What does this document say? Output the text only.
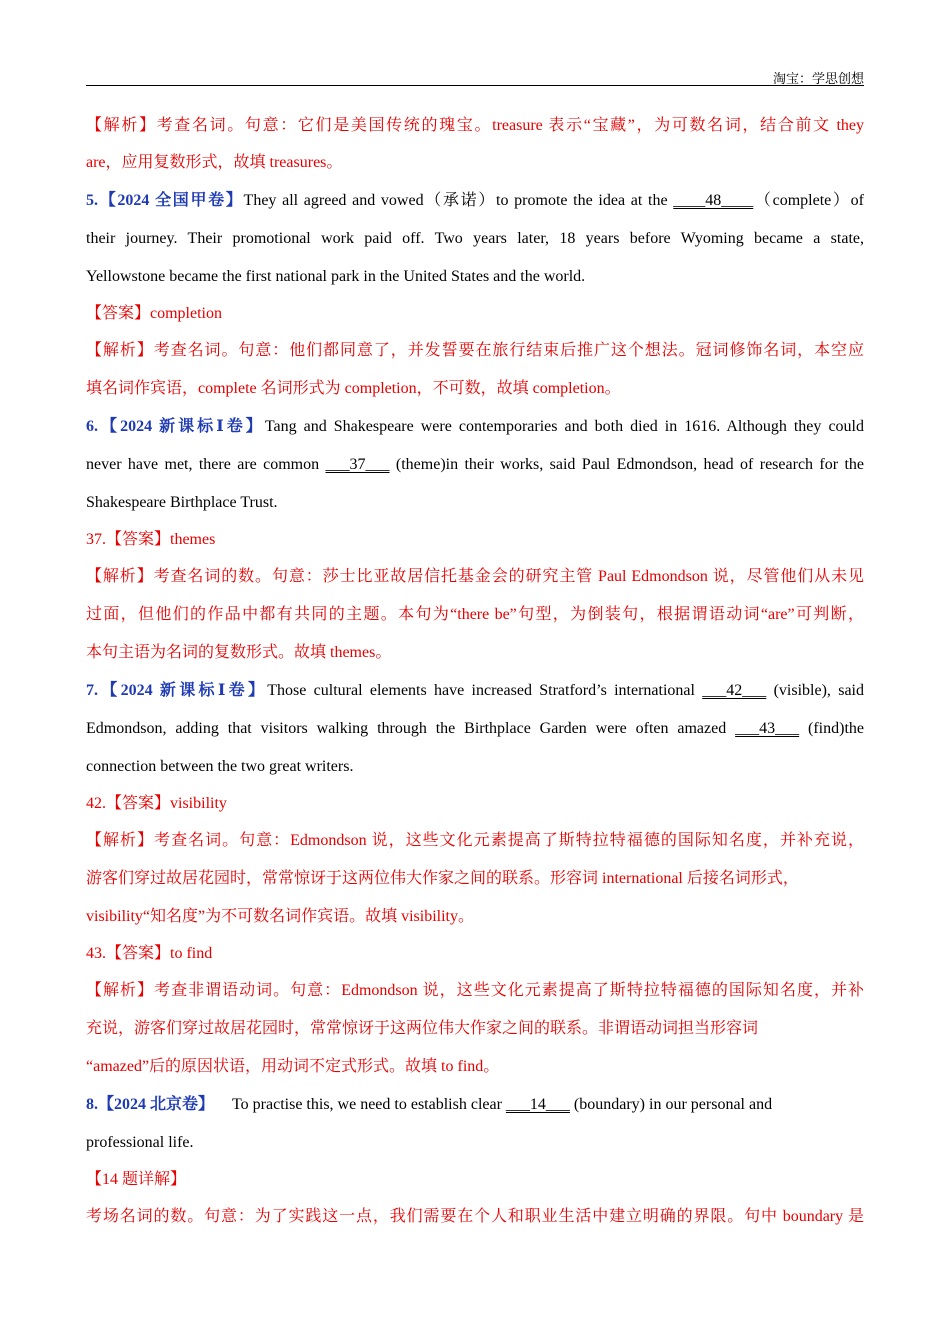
淘宝：学思创想
【解析】考查名词。句意：它们是美国传统的瑰宝。treasure 表示“宝藏”，为可数名词，结合前文 they
are，应用复数形式，故填 treasures。
5.【2024 全国甲卷】They all agreed and vowed（承诺）to promote the idea at the ____48____（complete）of
their journey. Their promotional work paid off. Two years later, 18 years before Wyoming became a state,
Yellowstone became the first national park in the United States and the world.
【答案】completion
【解析】考查名词。句意：他们都同意了，并发誓要在旅行结束后推广这个想法。冠词修饰名词，本空应
填名词作宾语，complete 名词形式为 completion，不可数，故填 completion。
6.【2024 新课标Ⅰ卷】Tang and Shakespeare were contemporaries and both died in 1616. Although they could
never have met, there are common ___37___ (theme)in their works, said Paul Edmondson, head of research for the
Shakespeare Birthplace Trust.
37.【答案】themes
【解析】考查名词的数。句意：莎士比亚故居信托基金会的研究主管 Paul Edmondson 说，尽管他们从未见
过面，但他们的作品中都有共同的主题。本句为“there be”句型，为倒装句，根据谓语动词“are”可判断，
本句主语为名词的复数形式。故填 themes。
7.【2024 新课标Ⅰ卷】Those cultural elements have increased Stratford’s international ___42___ (visible), said
Edmondson, adding that visitors walking through the Birthplace Garden were often amazed ___43___ (find)the
connection between the two great writers.
42.【答案】visibility
【解析】考查名词。句意：Edmondson 说，这些文化元素提高了斯特拉特福德的国际知名度，并补充说，
游客们穿过故居花园时，常常惊讶于这两位伟大作家之间的联系。形容词 international 后接名词形式，
visibility“知名度”为不可数名词作宾语。故填 visibility。
43.【答案】to find
【解析】考查非谓语动词。句意：Edmondson 说，这些文化元素提高了斯特拉特福德的国际知名度，并补
充说，游客们穿过故居花园时，常常惊讶于这两位伟大作家之间的联系。非谓语动词担当形容词
“amazed”后的原因状语，用动词不定式形式。故填 to find。
8.【2024 北京卷】 To practise this, we need to establish clear ___14___ (boundary) in our personal and
professional life.
【14 题详解】
考场名词的数。句意：为了实践这一点，我们需要在个人和职业生活中建立明确的界限。句中 boundary 是
